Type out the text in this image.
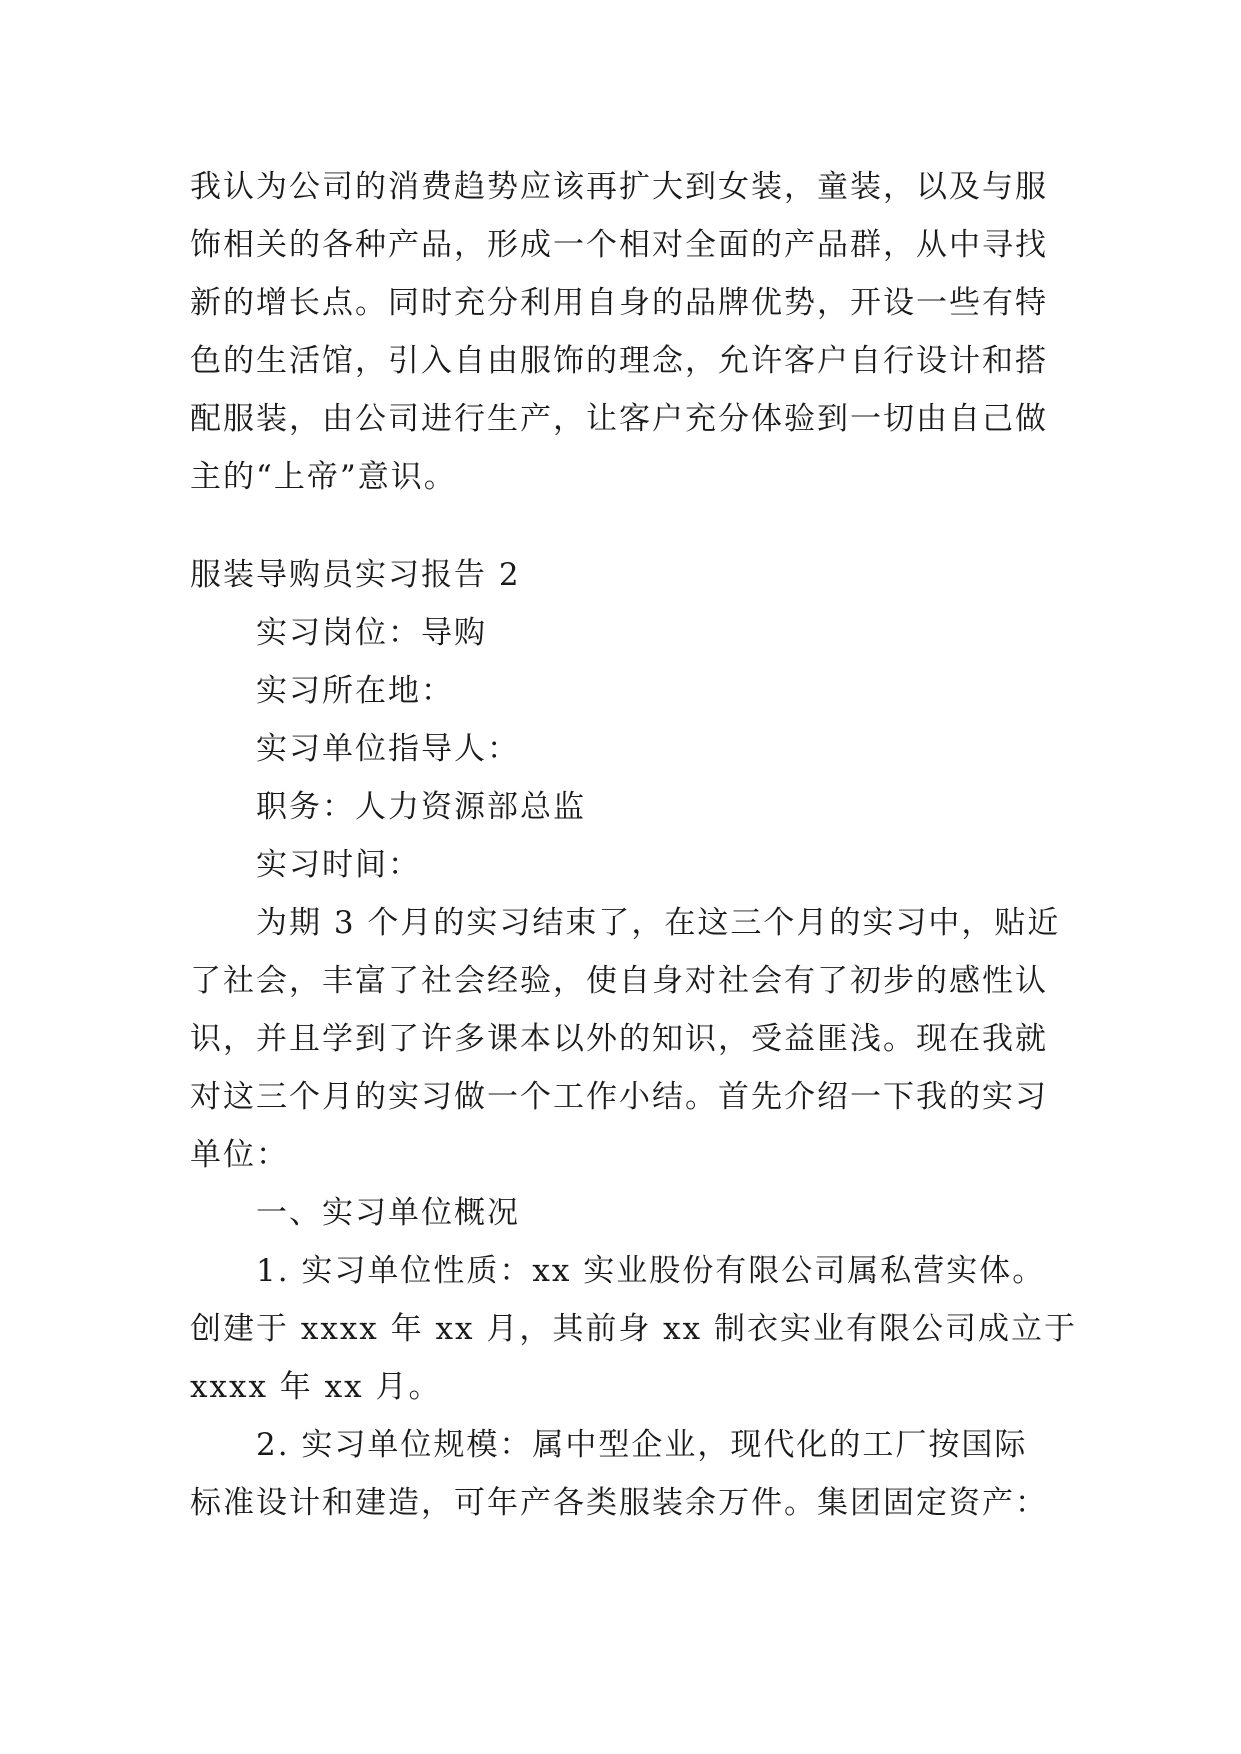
我认为公司的消费趋势应该再扩大到女装，童装，以及与服
饰相关的各种产品，形成一个相对全面的产品群，从中寻找
新的增长点。同时充分利用自身的品牌优势，开设一些有特
色的生活馆，引入自由服饰的理念，允许客户自行设计和搭
配服装，由公司进行生产，让客户充分体验到一切由自己做
主的“上帝”意识。
服装导购员实习报告 2
实习岗位：导购
实习所在地：
实习单位指导人：
职务：人力资源部总监
实习时间：
为期 3 个月的实习结束了，在这三个月的实习中，贴近
了社会，丰富了社会经验，使自身对社会有了初步的感性认
识，并且学到了许多课本以外的知识，受益匪浅。现在我就
对这三个月的实习做一个工作小结。首先介绍一下我的实习
单位：
一、实习单位概况
1. 实习单位性质：xx 实业股份有限公司属私营实体。
创建于 xxxx 年 xx 月，其前身 xx 制衣实业有限公司成立于
xxxx 年 xx 月。
2. 实习单位规模：属中型企业，现代化的工厂按国际
标准设计和建造，可年产各类服装余万件。集团固定资产：
